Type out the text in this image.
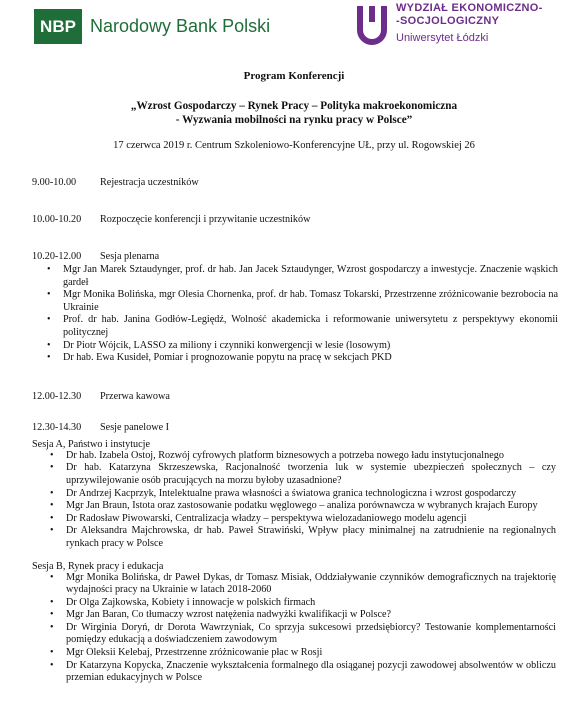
NBP Narodowy Bank Polski
WYDZIAŁ EKONOMICZNO-
-SOCJOLOGICZNY
Uniwersytet Łódzki
Program Konferencji
„Wzrost Gospodarczy – Rynek Pracy – Polityka makroekonomiczna
- Wyzwania mobilności na rynku pracy w Polsce”
17 czerwca 2019 r. Centrum Szkoleniowo-Konferencyjne UŁ, przy ul. Rogowskiej 26
9.00-10.00	Rejestracja uczestników
10.00-10.20	Rozpoczęcie konferencji i przywitanie uczestników
10.20-12.00	Sesja plenarna
• Mgr Jan Marek Sztaudynger, prof. dr hab. Jan Jacek Sztaudynger, Wzrost gospodarczy a inwestycje. Znaczenie wąskich gardeł
• Mgr Monika Bolińska, mgr Olesia Chornenka, prof. dr hab. Tomasz Tokarski, Przestrzenne zróżnicowanie bezrobocia na Ukrainie
• Prof. dr hab. Janina Godłów-Legiędź, Wolność akademicka i reformowanie uniwersytetu z perspektywy ekonomii politycznej
• Dr Piotr Wójcik, LASSO za miliony i czynniki konwergencji w lesie (losowym)
• Dr hab. Ewa Kusideł, Pomiar i prognozowanie popytu na pracę w sekcjach PKD
12.00-12.30	Przerwa kawowa
12.30-14.30	Sesje panelowe I
Sesja A, Państwo i instytucje
• Dr hab. Izabela Ostoj, Rozwój cyfrowych platform biznesowych a potrzeba nowego ładu instytucjonalnego
• Dr hab. Katarzyna Skrzeszewska, Racjonalność tworzenia luk w systemie ubezpieczeń społecznych – czy uprzywilejowanie osób pracujących na morzu byłoby uzasadnione?
• Dr Andrzej Kacprzyk, Intelektualne prawa własności a światowa granica technologiczna i wzrost gospodarczy
• Mgr Jan Braun, Istota oraz zastosowanie podatku węglowego – analiza porównawcza w wybranych krajach Europy
• Dr Radosław Piwowarski, Centralizacja władzy – perspektywa wielozadaniowego modelu agencji
• Dr Aleksandra Majchrowska, dr hab. Paweł Strawiński, Wpływ płacy minimalnej na zatrudnienie na regionalnych rynkach pracy w Polsce
Sesja B, Rynek pracy i edukacja
• Mgr Monika Bolińska, dr Paweł Dykas, dr Tomasz Misiak, Oddziaływanie czynników demograficznych na trajektorię wydajności pracy na Ukrainie w latach 2018-2060
• Dr Olga Zajkowska, Kobiety i innowacje w polskich firmach
• Mgr Jan Baran, Co tłumaczy wzrost natężenia nadwyżki kwalifikacji w Polsce?
• Dr Wirginia Doryń, dr Dorota Wawrzyniak, Co sprzyja sukcesowi przedsiębiorcy? Testowanie komplementarności pomiędzy edukacją a doświadczeniem zawodowym
• Mgr Oleksii Kelebaj, Przestrzenne zróżnicowanie płac w Rosji
• Dr Katarzyna Kopycka, Znaczenie wykształcenia formalnego dla osiąganej pozycji zawodowej absolwentów w obliczu przemian edukacyjnych w Polsce
